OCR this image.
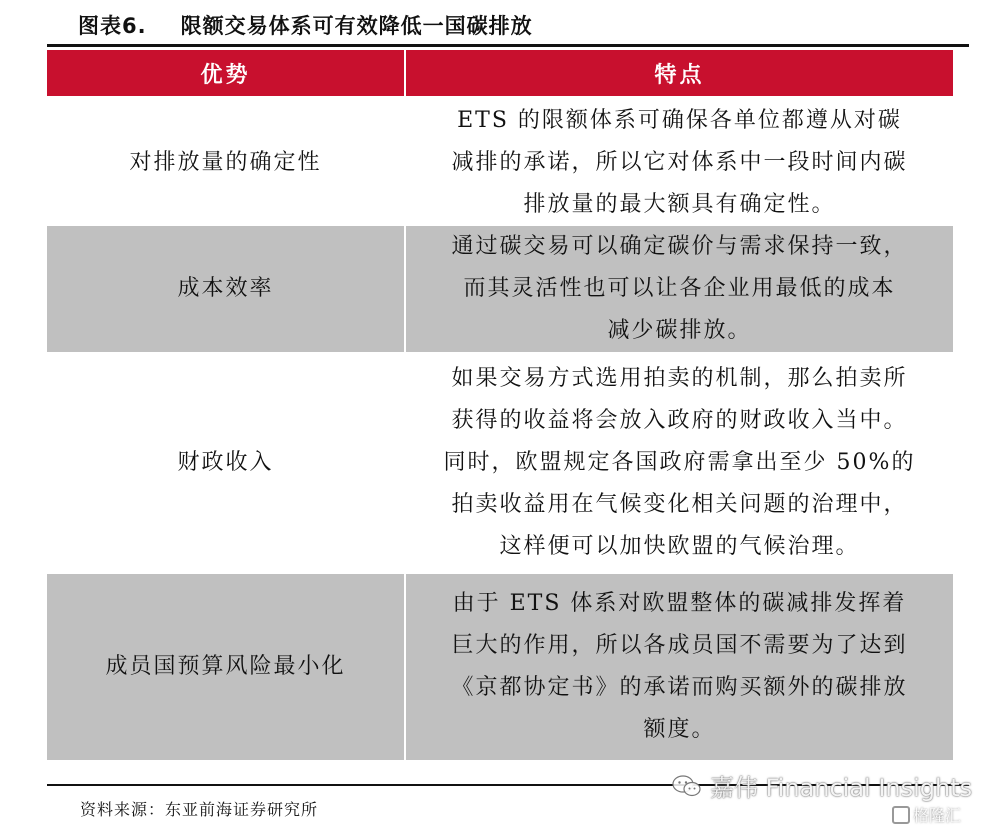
图表6. 限额交易体系可有效降低一国碳排放
优势	特点
对排放量的确定性	ETS 的限额体系可确保各单位都遵从对碳
减排的承诺，所以它对体系中一段时间内碳
排放量的最大额具有确定性。

成本效率	通过碳交易可以确定碳价与需求保持一致，
而其灵活性也可以让各企业用最低的成本
减少碳排放。

财政收入	如果交易方式选用拍卖的机制，那么拍卖所
获得的收益将会放入政府的财政收入当中。
同时，欧盟规定各国政府需拿出至少 50%的
拍卖收益用在气候变化相关问题的治理中，
这样便可以加快欧盟的气候治理。

成员国预算风险最小化	由于 ETS 体系对欧盟整体的碳减排发挥着
巨大的作用，所以各成员国不需要为了达到
《京都协定书》的承诺而购买额外的碳排放
额度。
资料来源：东亚前海证券研究所
嘉伟 Financial Insights
格隆汇
